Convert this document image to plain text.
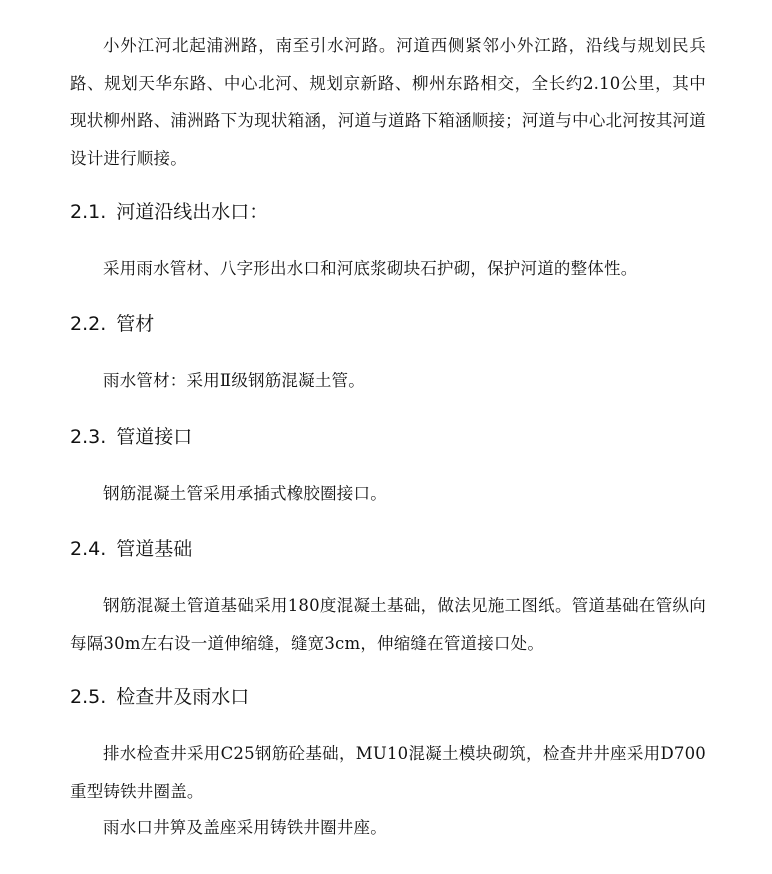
小外江河北起浦洲路，南至引水河路。河道西侧紧邻小外江路，沿线与规划民兵路、规划天华东路、中心北河、规划京新路、柳州东路相交，全长约2.10公里，其中现状柳州路、浦洲路下为现状箱涵，河道与道路下箱涵顺接；河道与中心北河按其河道设计进行顺接。

2.1. 河道沿线出水口：

采用雨水管材、八字形出水口和河底浆砌块石护砌，保护河道的整体性。

2.2. 管材

雨水管材：采用Ⅱ级钢筋混凝土管。

2.3. 管道接口

钢筋混凝土管采用承插式橡胶圈接口。

2.4. 管道基础

钢筋混凝土管道基础采用180度混凝土基础，做法见施工图纸。管道基础在管纵向每隔30m左右设一道伸缩缝，缝宽3cm，伸缩缝在管道接口处。

2.5. 检查井及雨水口

排水检查井采用C25钢筋砼基础，MU10混凝土模块砌筑，检查井井座采用D700重型铸铁井圈盖。

雨水口井箅及盖座采用铸铁井圈井座。
